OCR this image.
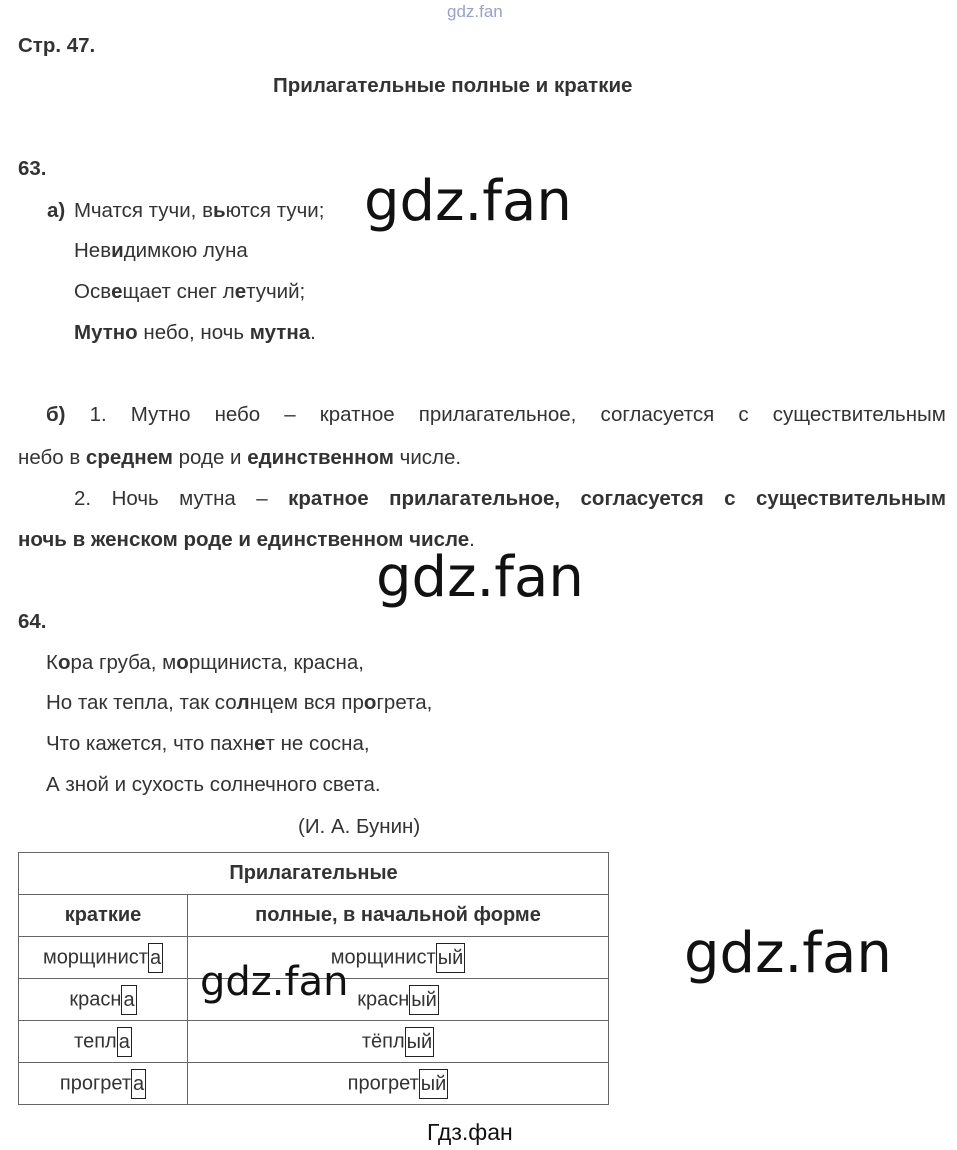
gdz.fan
Стр. 47.
Прилагательные полные и краткие
63.
а) Мчатся тучи, вьются тучи;
Невидимкою луна
Освещает снег летучий;
Мутно небо, ночь мутна.
б) 1. Мутно небо – кратное прилагательное, согласуется с существительным
небо в среднем роде и единственном числе.
2. Ночь мутна – кратное прилагательное, согласуется с существительным
ночь в женском роде и единственном числе.
64.
Кора груба, морщиниста, красна,
Но так тепла, так солнцем вся прогрета,
Что кажется, что пахнет не сосна,
А зной и сухость солнечного света.
(И. А. Бунин)
Прилагательные	
краткие	полные, в начальной форме
морщинист а	морщинист ый
красн а	красн ый
тепл а	тёпл ый
прогрет а	прогрет ый
gdz.fan
gdz.fan
gdz.fan
gdz.fan
Гдз.фан
